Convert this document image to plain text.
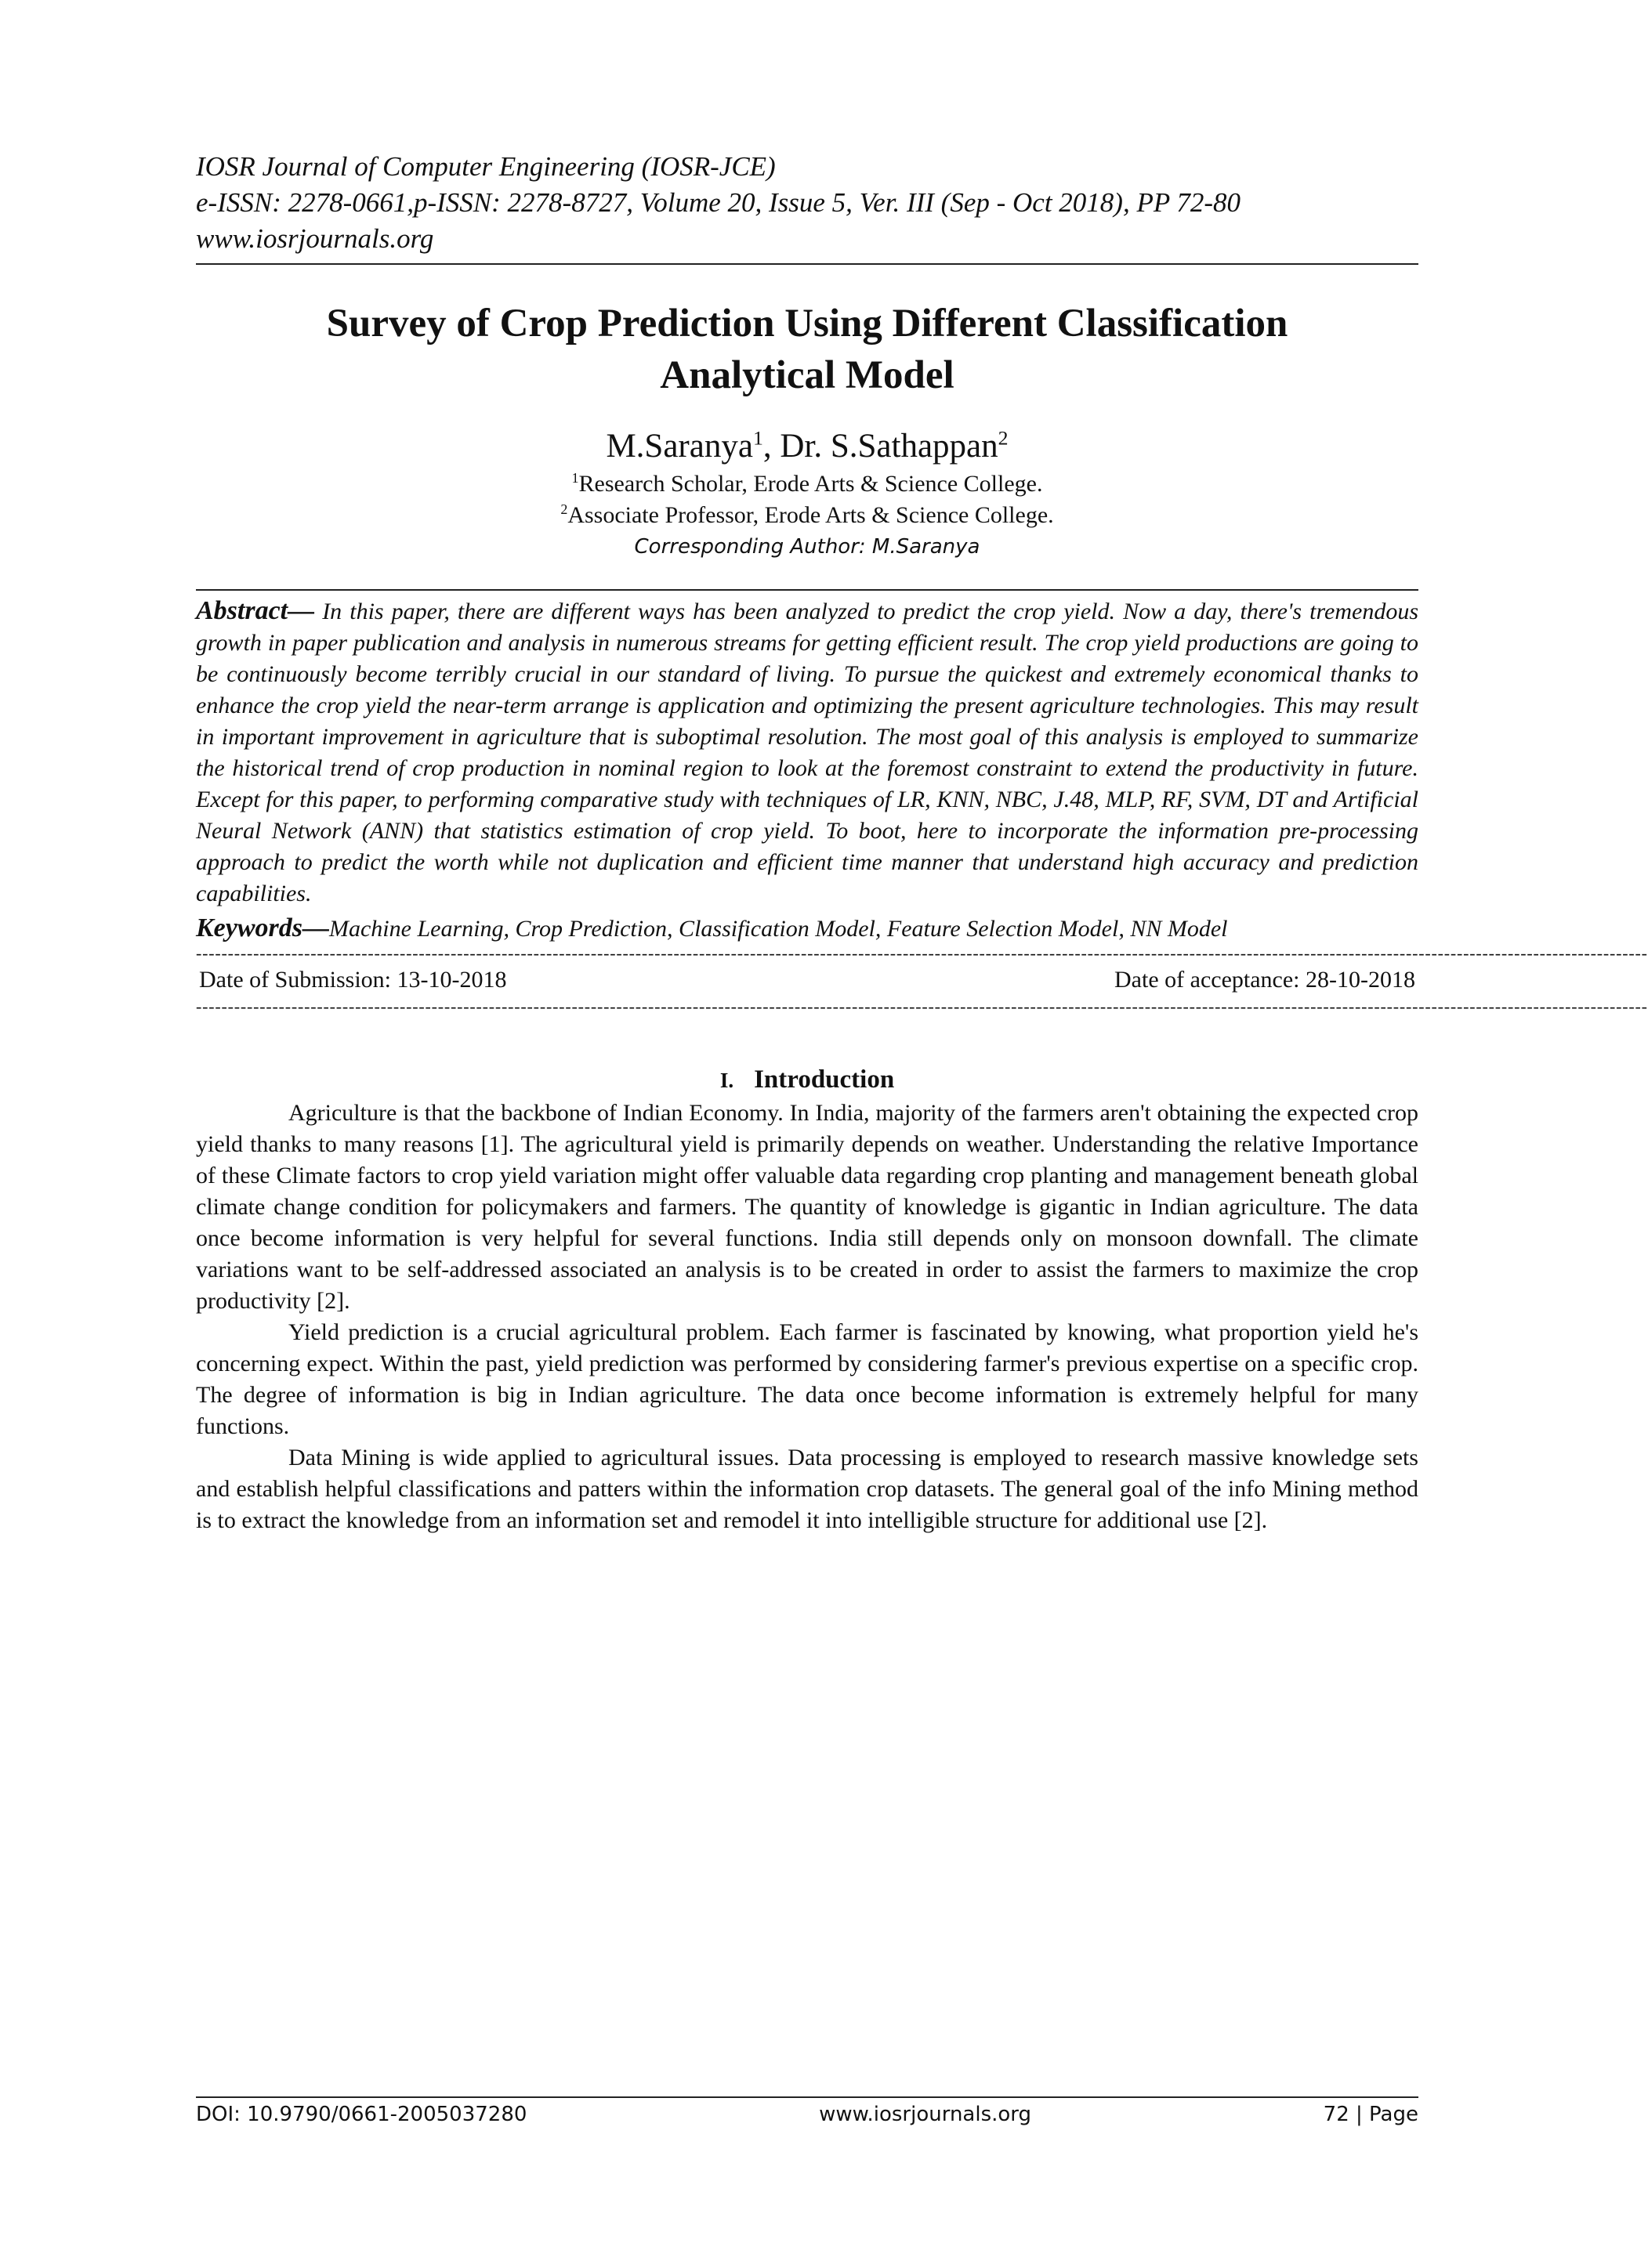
IOSR Journal of Computer Engineering (IOSR-JCE)
e-ISSN: 2278-0661,p-ISSN: 2278-8727, Volume 20, Issue 5, Ver. III (Sep - Oct 2018), PP 72-80
www.iosrjournals.org
Survey of Crop Prediction Using Different Classification
Analytical Model
M.Saranya$^1$, Dr. S.Sathappan$^2$
$^1$Research Scholar, Erode Arts & Science College.
$^2$Associate Professor, Erode Arts & Science College.
Corresponding Author: M.Saranya
Abstract— In this paper, there are different ways has been analyzed to predict the crop yield. Now a day, there's tremendous growth in paper publication and analysis in numerous streams for getting efficient result. The crop yield productions are going to be continuously become terribly crucial in our standard of living. To pursue the quickest and extremely economical thanks to enhance the crop yield the near-term arrange is application and optimizing the present agriculture technologies. This may result in important improvement in agriculture that is suboptimal resolution. The most goal of this analysis is employed to summarize the historical trend of crop production in nominal region to look at the foremost constraint to extend the productivity in future. Except for this paper, to performing comparative study with techniques of LR, KNN, NBC, J.48, MLP, RF, SVM, DT and Artificial Neural Network (ANN) that statistics estimation of crop yield. To boot, here to incorporate the information pre-processing approach to predict the worth while not duplication and efficient time manner that understand high accuracy and prediction capabilities.
Keywords—Machine Learning, Crop Prediction, Classification Model, Feature Selection Model, NN Model
------------------------------------------------------------------------------------------------------------------------------------------------------------------------------------------------------------------------------------
Date of Submission: 13-10-2018	Date of acceptance: 28-10-2018
------------------------------------------------------------------------------------------------------------------------------------------------------------------------------------------------------------------------------------
I. Introduction

Agriculture is that the backbone of Indian Economy. In India, majority of the farmers aren't obtaining the expected crop yield thanks to many reasons [1]. The agricultural yield is primarily depends on weather. Understanding the relative Importance of these Climate factors to crop yield variation might offer valuable data regarding crop planting and management beneath global climate change condition for policymakers and farmers. The quantity of knowledge is gigantic in Indian agriculture. The data once become information is very helpful for several functions. India still depends only on monsoon downfall. The climate variations want to be self-addressed associated an analysis is to be created in order to assist the farmers to maximize the crop productivity [2].

Yield prediction is a crucial agricultural problem. Each farmer is fascinated by knowing, what proportion yield he's concerning expect. Within the past, yield prediction was performed by considering farmer's previous expertise on a specific crop. The degree of information is big in Indian agriculture. The data once become information is extremely helpful for many functions.

Data Mining is wide applied to agricultural issues. Data processing is employed to research massive knowledge sets and establish helpful classifications and patters within the information crop datasets. The general goal of the info Mining method is to extract the knowledge from an information set and remodel it into intelligible structure for additional use [2].

DOI: 10.9790/0661-2005037280	www.iosrjournals.org	72 | Page
